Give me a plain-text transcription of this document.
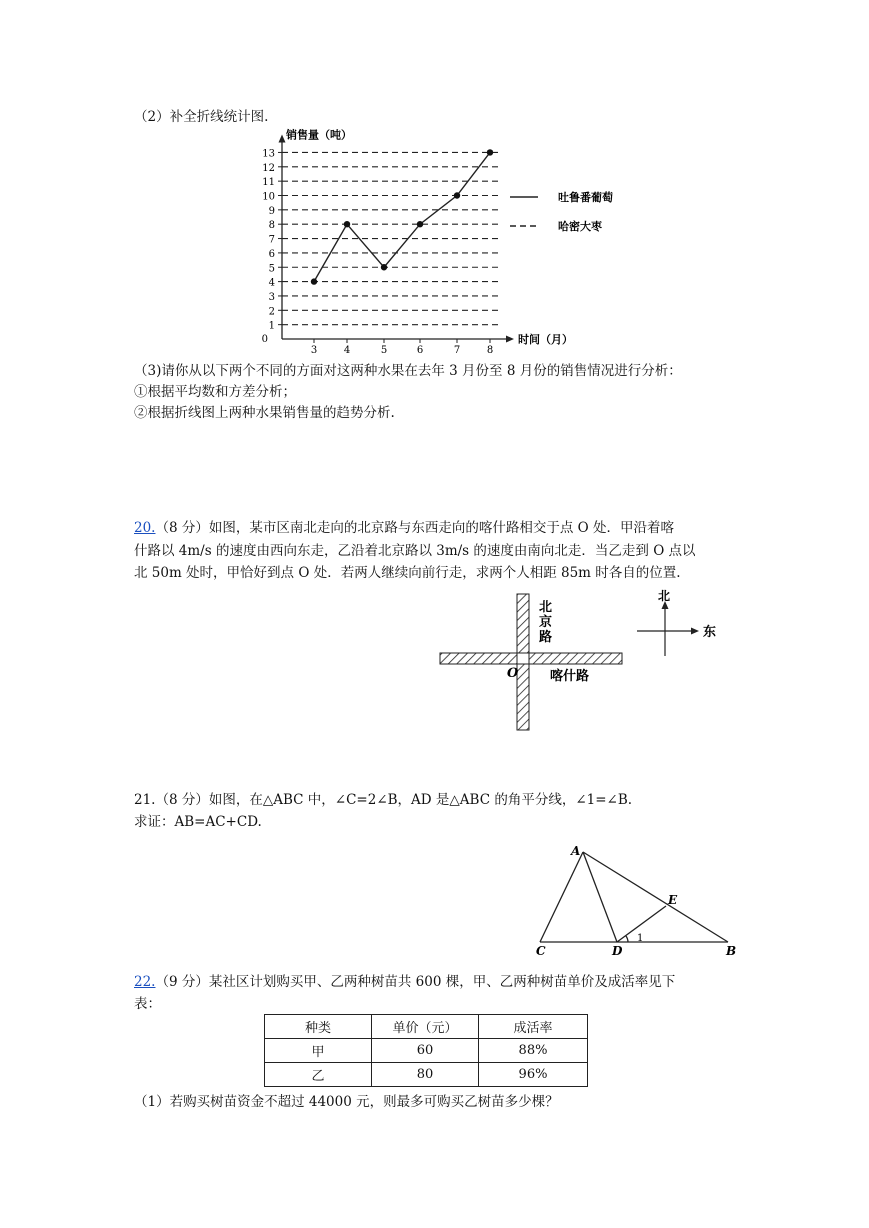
（2）补全折线统计图.
0
1
2
3
4
5
6
7
8
9
10
11
12
13
3	4	5	6	7	8
销售量（吨）
时间（月）
吐鲁番葡萄
哈密大枣
（3)请你从以下两个不同的方面对这两种水果在去年 3 月份至 8 月份的销售情况进行分析：
①根据平均数和方差分析；
②根据折线图上两种水果销售量的趋势分析.
20.（8 分）如图，某市区南北走向的北京路与东西走向的喀什路相交于点 O 处．甲沿着喀
什路以 4m/s 的速度由西向东走，乙沿着北京路以 3m/s 的速度由南向北走．当乙走到 O 点以
北 50m 处时，甲恰好到点 O 处．若两人继续向前行走，求两个人相距 85m 时各自的位置.
北
京
路
喀什路
O
北
东
21.（8 分）如图，在△ABC 中，∠C=2∠B，AD 是△ABC 的角平分线，∠1=∠B.
求证：AB=AC+CD.
A
B
C	D
E
1
22.（9 分）某社区计划购买甲、乙两种树苗共 600 棵，甲、乙两种树苗单价及成活率见下
表：
种类	单价（元）	成活率
甲	60	88%
乙	80	96%
（1）若购买树苗资金不超过 44000 元，则最多可购买乙树苗多少棵？
